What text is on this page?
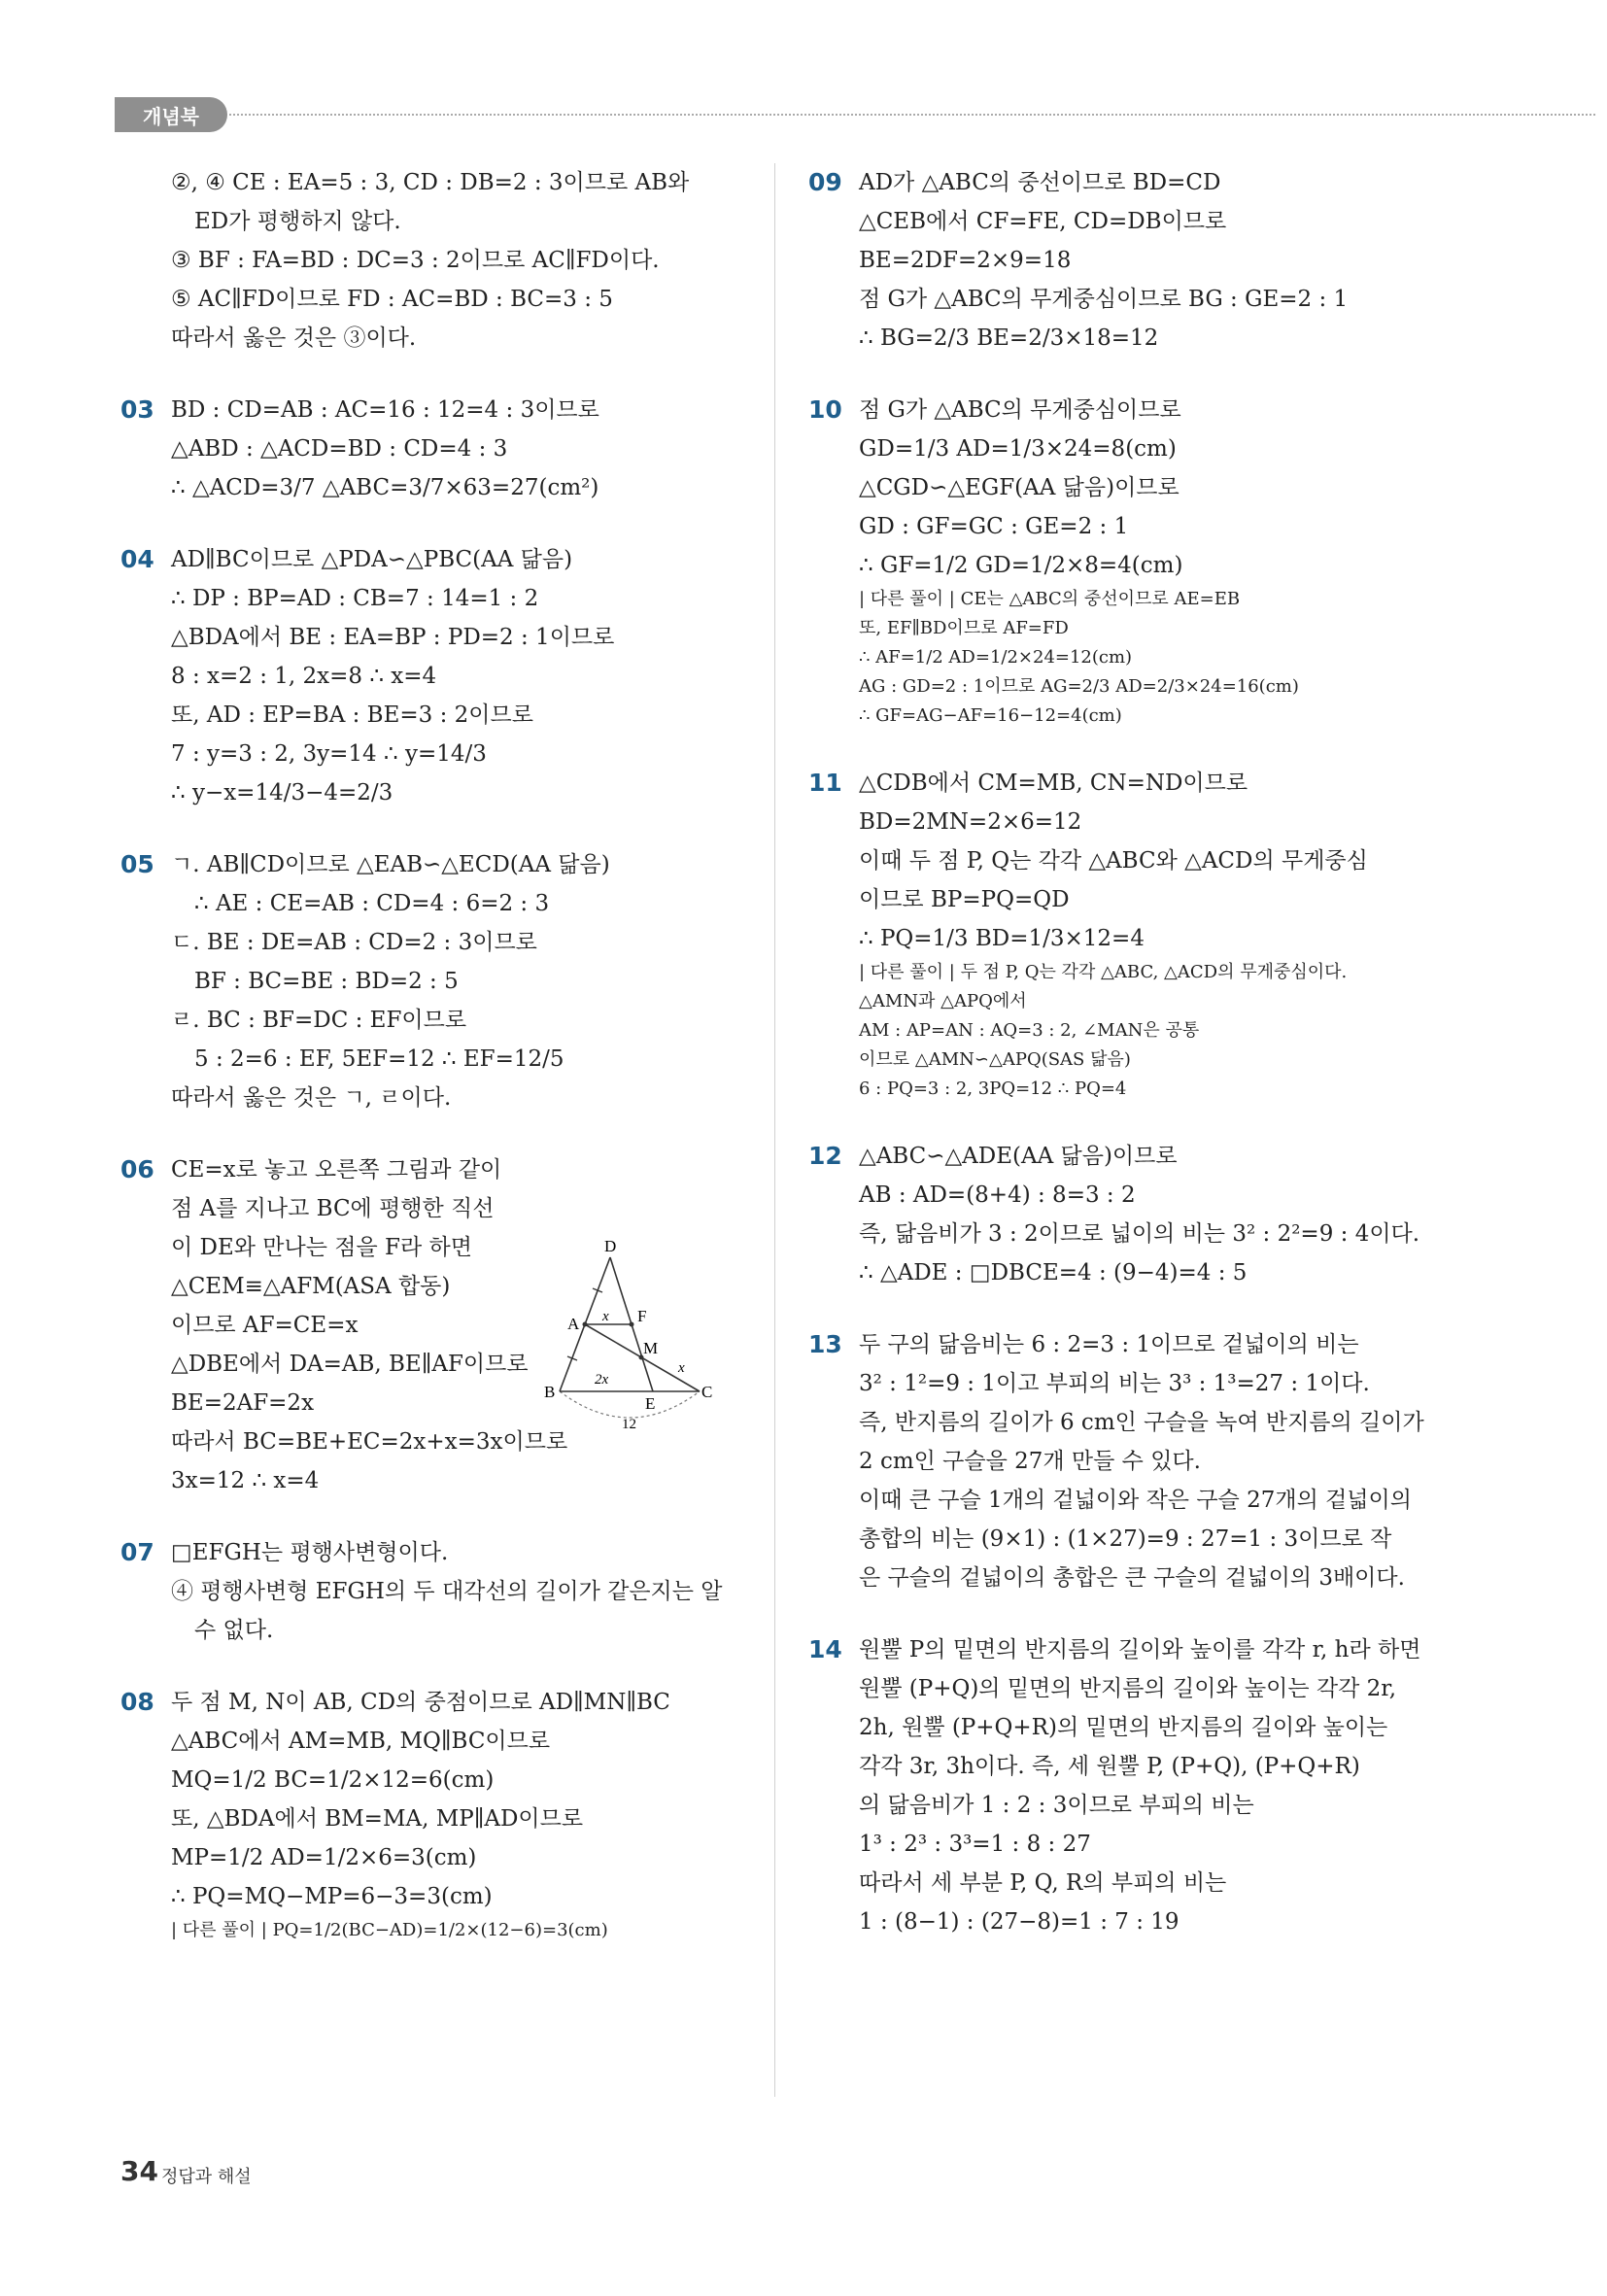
개념북
②, ④ CE : EA=5 : 3, CD : DB=2 : 3이므로 AB와
ED가 평행하지 않다.
③ BF : FA=BD : DC=3 : 2이므로 AC∥FD이다.
⑤ AC∥FD이므로 FD : AC=BD : BC=3 : 5
따라서 옳은 것은 ③이다.
03 BD : CD=AB : AC=16 : 12=4 : 3이므로
△ABD : △ACD=BD : CD=4 : 3
∴ △ACD=3/7 △ABC=3/7×63=27(cm²)
04 AD∥BC이므로 △PDA∽△PBC(AA 닮음)
∴ DP : BP=AD : CB=7 : 14=1 : 2
△BDA에서 BE : EA=BP : PD=2 : 1이므로
8 : x=2 : 1, 2x=8 ∴ x=4
또, AD : EP=BA : BE=3 : 2이므로
7 : y=3 : 2, 3y=14 ∴ y=14/3
∴ y−x=14/3−4=2/3
05 ㄱ. AB∥CD이므로 △EAB∽△ECD(AA 닮음)
∴ AE : CE=AB : CD=4 : 6=2 : 3
ㄷ. BE : DE=AB : CD=2 : 3이므로
BF : BC=BE : BD=2 : 5
ㄹ. BC : BF=DC : EF이므로
5 : 2=6 : EF, 5EF=12 ∴ EF=12/5
따라서 옳은 것은 ㄱ, ㄹ이다.
06 CE=x로 놓고 오른쪽 그림과 같이
점 A를 지나고 BC에 평행한 직선
이 DE와 만나는 점을 F라 하면
△CEM≡△AFM(ASA 합동)
이므로 AF=CE=x
△DBE에서 DA=AB, BE∥AF이므로
BE=2AF=2x
따라서 BC=BE+EC=2x+x=3x이므로
3x=12 ∴ x=4
07 □EFGH는 평행사변형이다.
④ 평행사변형 EFGH의 두 대각선의 길이가 같은지는 알
수 없다.
08 두 점 M, N이 AB, CD의 중점이므로 AD∥MN∥BC
△ABC에서 AM=MB, MQ∥BC이므로
MQ=1/2 BC=1/2×12=6(cm)
또, △BDA에서 BM=MA, MP∥AD이므로
MP=1/2 AD=1/2×6=3(cm)
∴ PQ=MQ−MP=6−3=3(cm)
| 다른 풀이 | PQ=1/2(BC−AD)=1/2×(12−6)=3(cm)
D
A	F
M
B
E
C
x
x
2x
12
09 AD가 △ABC의 중선이므로 BD=CD
△CEB에서 CF=FE, CD=DB이므로
BE=2DF=2×9=18
점 G가 △ABC의 무게중심이므로 BG : GE=2 : 1
∴ BG=2/3 BE=2/3×18=12
10 점 G가 △ABC의 무게중심이므로
GD=1/3 AD=1/3×24=8(cm)
△CGD∽△EGF(AA 닮음)이므로
GD : GF=GC : GE=2 : 1
∴ GF=1/2 GD=1/2×8=4(cm)
| 다른 풀이 | CE는 △ABC의 중선이므로 AE=EB
또, EF∥BD이므로 AF=FD
∴ AF=1/2 AD=1/2×24=12(cm)
AG : GD=2 : 1이므로 AG=2/3 AD=2/3×24=16(cm)
∴ GF=AG−AF=16−12=4(cm)
11 △CDB에서 CM=MB, CN=ND이므로
BD=2MN=2×6=12
이때 두 점 P, Q는 각각 △ABC와 △ACD의 무게중심
이므로 BP=PQ=QD
∴ PQ=1/3 BD=1/3×12=4
| 다른 풀이 | 두 점 P, Q는 각각 △ABC, △ACD의 무게중심이다.
△AMN과 △APQ에서
AM : AP=AN : AQ=3 : 2, ∠MAN은 공통
이므로 △AMN∽△APQ(SAS 닮음)
6 : PQ=3 : 2, 3PQ=12 ∴ PQ=4
12 △ABC∽△ADE(AA 닮음)이므로
AB : AD=(8+4) : 8=3 : 2
즉, 닮음비가 3 : 2이므로 넓이의 비는 3² : 2²=9 : 4이다.
∴ △ADE : □DBCE=4 : (9−4)=4 : 5
13 두 구의 닮음비는 6 : 2=3 : 1이므로 겉넓이의 비는
3² : 1²=9 : 1이고 부피의 비는 3³ : 1³=27 : 1이다.
즉, 반지름의 길이가 6 cm인 구슬을 녹여 반지름의 길이가
2 cm인 구슬을 27개 만들 수 있다.
이때 큰 구슬 1개의 겉넓이와 작은 구슬 27개의 겉넓이의
총합의 비는 (9×1) : (1×27)=9 : 27=1 : 3이므로 작
은 구슬의 겉넓이의 총합은 큰 구슬의 겉넓이의 3배이다.
14 원뿔 P의 밑면의 반지름의 길이와 높이를 각각 r, h라 하면
원뿔 (P+Q)의 밑면의 반지름의 길이와 높이는 각각 2r,
2h, 원뿔 (P+Q+R)의 밑면의 반지름의 길이와 높이는
각각 3r, 3h이다. 즉, 세 원뿔 P, (P+Q), (P+Q+R)
의 닮음비가 1 : 2 : 3이므로 부피의 비는
1³ : 2³ : 3³=1 : 8 : 27
따라서 세 부분 P, Q, R의 부피의 비는
1 : (8−1) : (27−8)=1 : 7 : 19
34 정답과 해설
